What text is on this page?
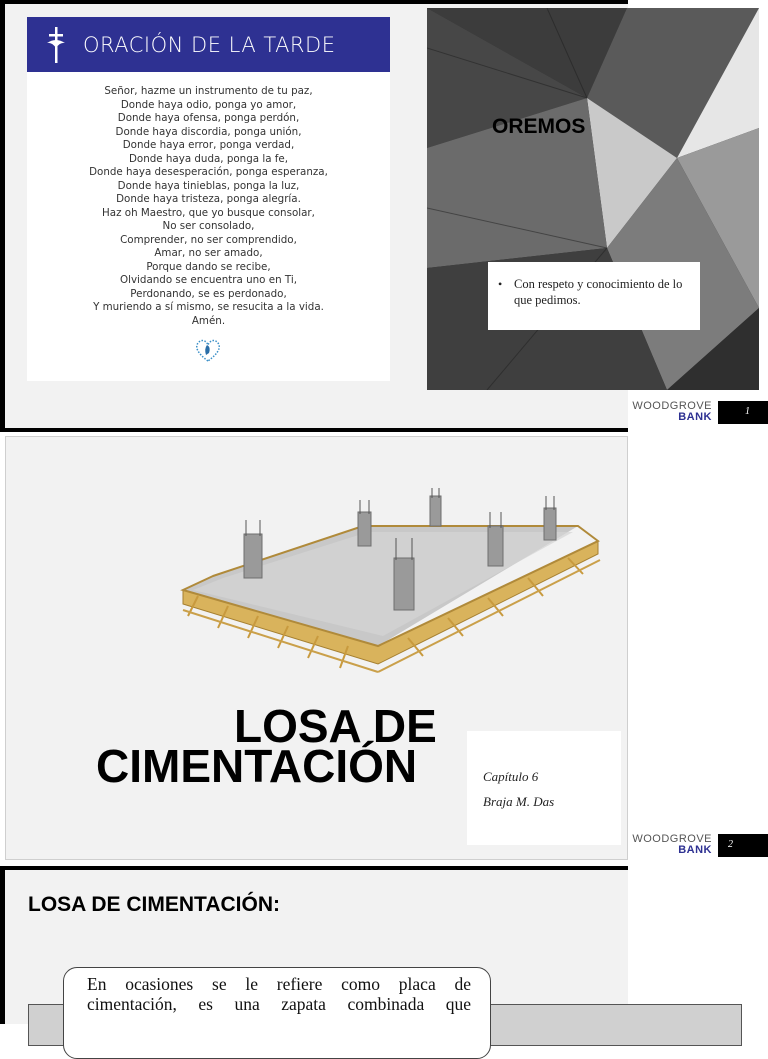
ORACIÓN DE LA TARDE
Señor, hazme un instrumento de tu paz,
Donde haya odio, ponga yo amor,
Donde haya ofensa, ponga perdón,
Donde haya discordia, ponga unión,
Donde haya error, ponga verdad,
Donde haya duda, ponga la fe,
Donde haya desesperación, ponga esperanza,
Donde haya tinieblas, ponga la luz,
Donde haya tristeza, ponga alegría.
Haz oh Maestro, que yo busque consolar,
No ser consolado,
Comprender, no ser comprendido,
Amar, no ser amado,
Porque dando se recibe,
Olvidando se encuentra uno en Ti,
Perdonando, se es perdonado,
Y muriendo a sí mismo, se resucita a la vida.
Amén.
OREMOS
• Con respeto y conocimiento de lo que pedimos.
WOODGROVE
BANK	1
LOSA DE
CIMENTACIÓN	Capítulo 6
Braja M. Das
WOODGROVE
BANK 2
LOSA DE CIMENTACIÓN:
En ocasiones se le refiere como placa de
cimentación, es una zapata combinada que
